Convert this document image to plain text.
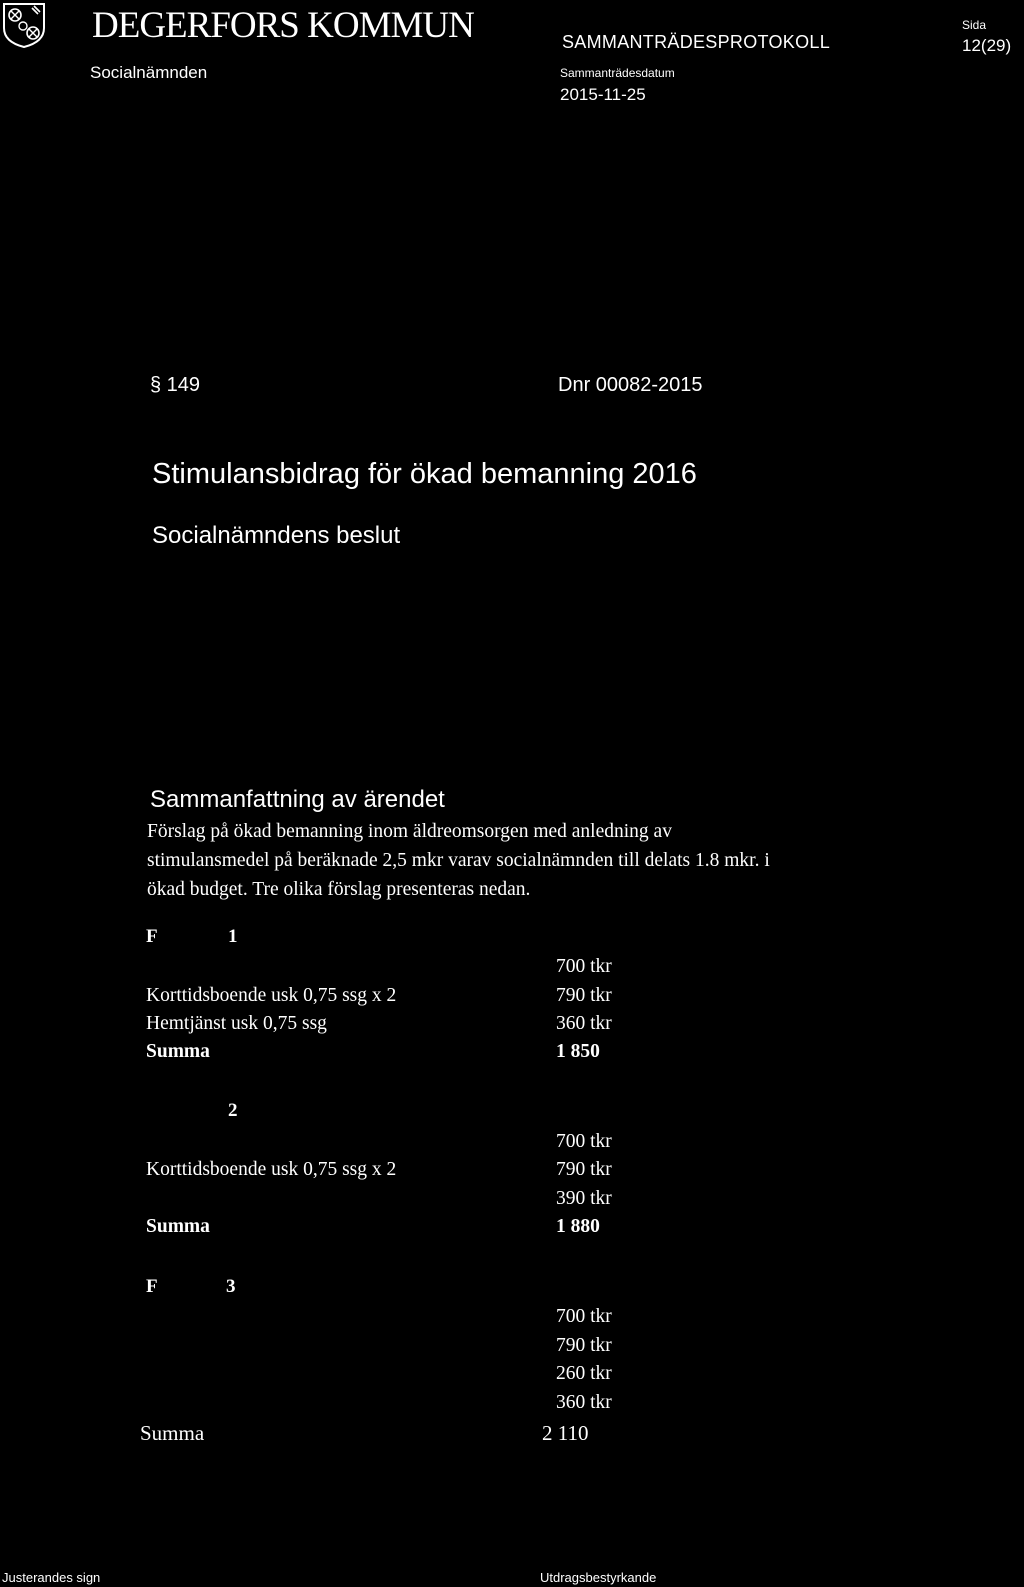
DEGERFORS KOMMUN
Socialnämnden
SAMMANTRÄDESPROTOKOLL
Sammanträdesdatum
2015-11-25
Sida
12(29)
§ 149	Dnr 00082-2015
Stimulansbidrag för ökad bemanning 2016
Socialnämndens beslut
Sammanfattning av ärendet
Förslag på ökad bemanning inom äldreomsorgen med anledning av
stimulansmedel på beräknade 2,5 mkr varav socialnämnden till delats 1.8 mkr. i
ökad budget. Tre olika förslag presenteras nedan.
F	1
700 tkr
Korttidsboende usk 0,75 ssg x 2	790 tkr
Hemtjänst usk 0,75 ssg	360 tkr
Summa	1 850
2
700 tkr
Korttidsboende usk 0,75 ssg x 2	790 tkr
390 tkr
Summa	1 880
F	3
700 tkr
790 tkr
260 tkr
360 tkr
Summa	2 110
Justerandes sign	Utdragsbestyrkande
